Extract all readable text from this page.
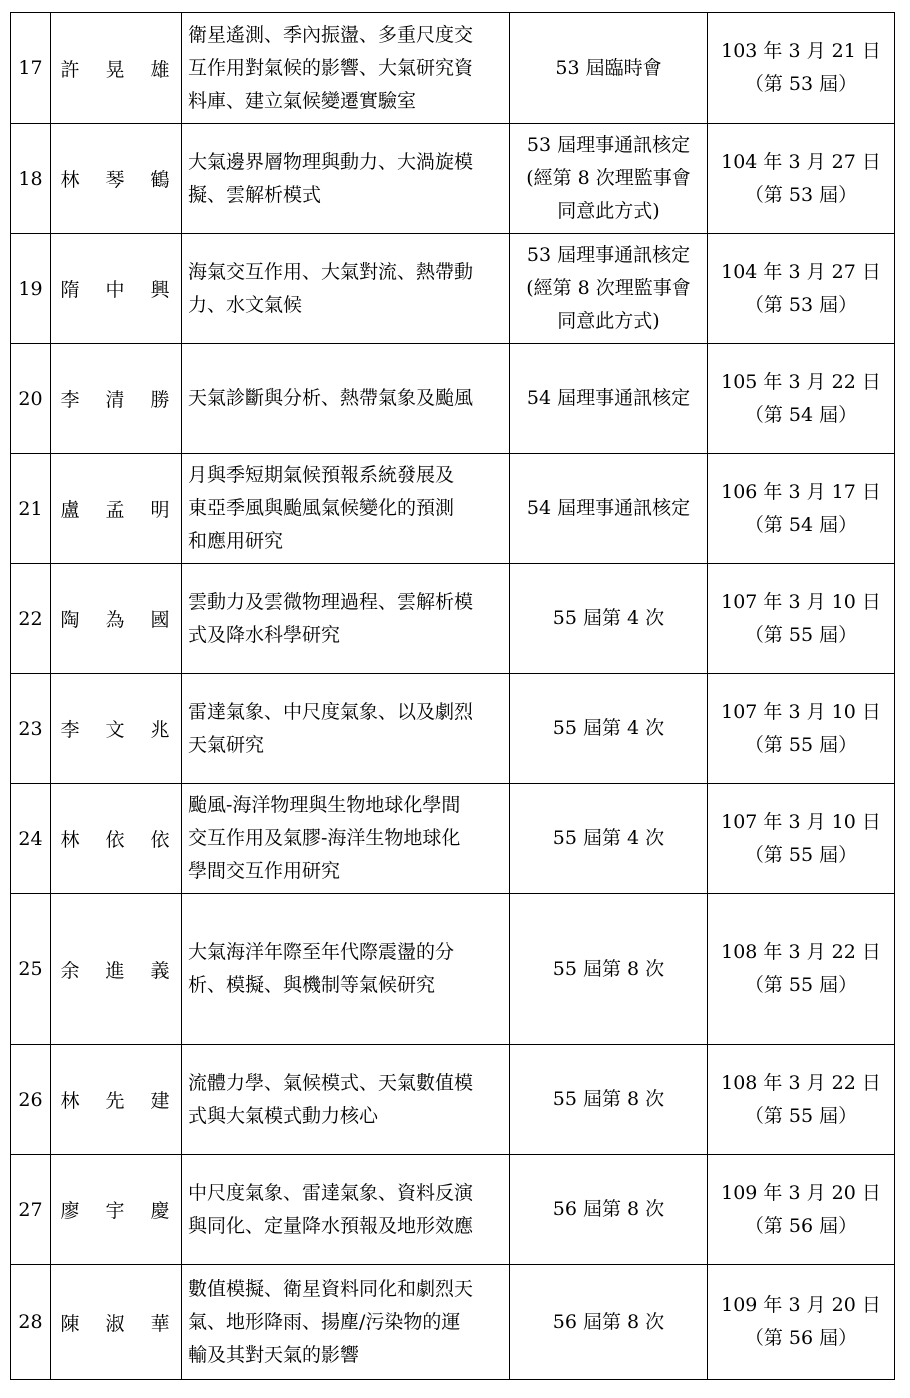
17	許 晃 雄	衛星遙測、季內振盪、多重尺度交
互作用對氣候的影響、大氣研究資
料庫、建立氣候變遷實驗室	53 屆臨時會	103 年 3 月 21 日
（第 53 屆）

18	林 琴 鶴	大氣邊界層物理與動力、大渦旋模
擬、雲解析模式	53 屆理事通訊核定
(經第 8 次理監事會
同意此方式)	104 年 3 月 27 日
（第 53 屆）

19	隋 中 興	海氣交互作用、大氣對流、熱帶動
力、水文氣候	53 屆理事通訊核定
(經第 8 次理監事會
同意此方式)	104 年 3 月 27 日
（第 53 屆）

20	李 清 勝	天氣診斷與分析、熱帶氣象及颱風	54 屆理事通訊核定	105 年 3 月 22 日
（第 54 屆）

21	盧 孟 明	月與季短期氣候預報系統發展及
東亞季風與颱風氣候變化的預測
和應用研究	54 屆理事通訊核定	106 年 3 月 17 日
（第 54 屆）

22	陶 為 國	雲動力及雲微物理過程、雲解析模
式及降水科學研究	55 屆第 4 次	107 年 3 月 10 日
（第 55 屆）

23	李 文 兆	雷達氣象、中尺度氣象、以及劇烈
天氣研究	55 屆第 4 次	107 年 3 月 10 日
（第 55 屆）

24	林 依 依	颱風-海洋物理與生物地球化學間
交互作用及氣膠-海洋生物地球化
學間交互作用研究	55 屆第 4 次	107 年 3 月 10 日
（第 55 屆）

25	余 進 義	大氣海洋年際至年代際震盪的分
析、模擬、與機制等氣候研究	55 屆第 8 次	108 年 3 月 22 日
（第 55 屆）

26	林 先 建	流體力學、氣候模式、天氣數值模
式與大氣模式動力核心	55 屆第 8 次	108 年 3 月 22 日
（第 55 屆）

27	廖 宇 慶	中尺度氣象、雷達氣象、資料反演
與同化、定量降水預報及地形效應	56 屆第 8 次	109 年 3 月 20 日
（第 56 屆）

28	陳 淑 華	數值模擬、衛星資料同化和劇烈天
氣、地形降雨、揚塵/污染物的運
輸及其對天氣的影響	56 屆第 8 次	109 年 3 月 20 日
（第 56 屆）
